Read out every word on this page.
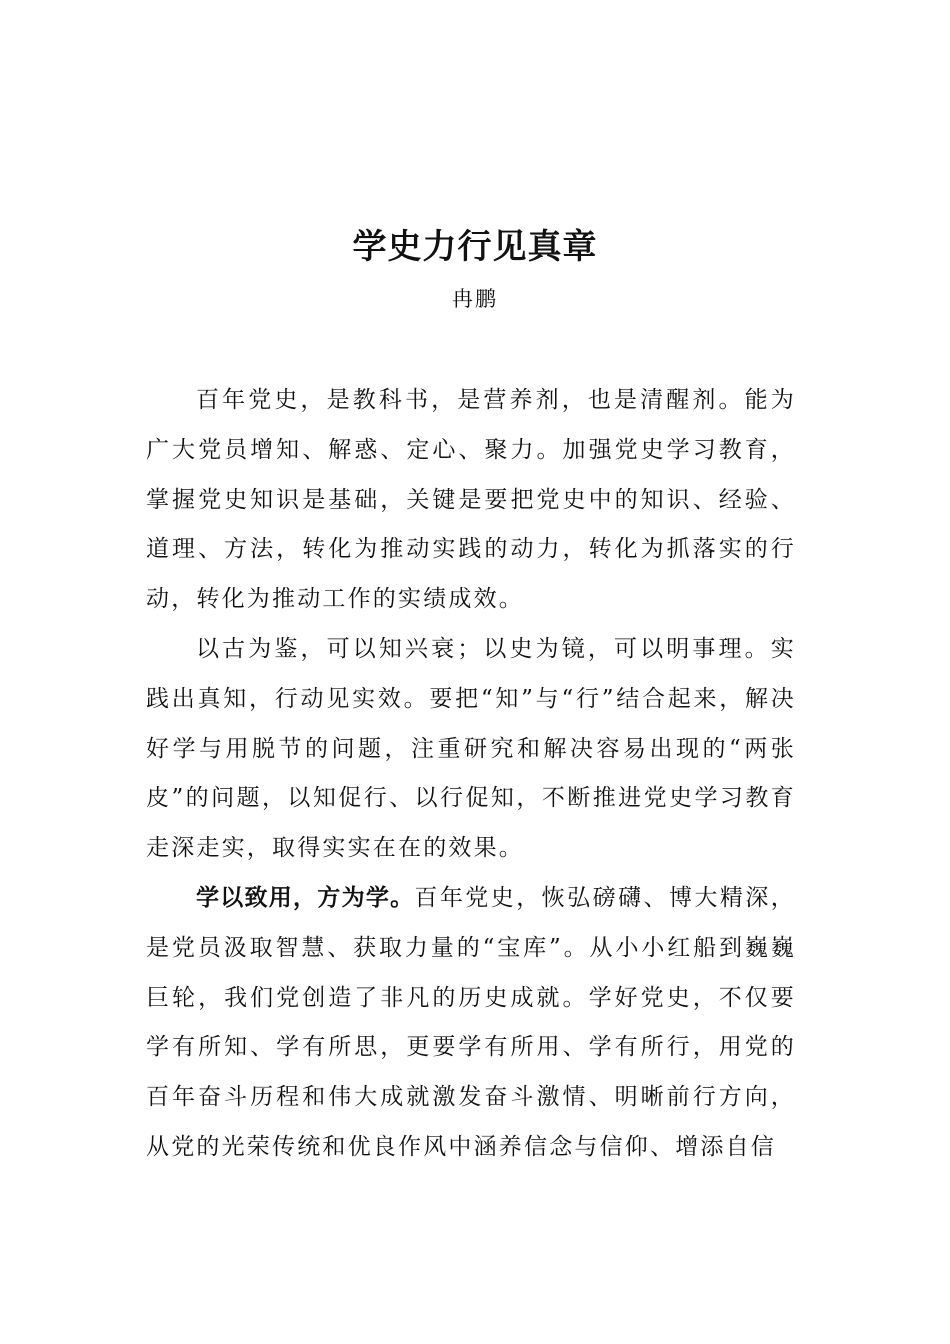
学史力行见真章

冉鹏

百年党史，是教科书，是营养剂，也是清醒剂。能为广大党员增知、解惑、定心、聚力。加强党史学习教育，掌握党史知识是基础，关键是要把党史中的知识、经验、道理、方法，转化为推动实践的动力，转化为抓落实的行动，转化为推动工作的实绩成效。

以古为鉴，可以知兴衰；以史为镜，可以明事理。实践出真知，行动见实效。要把“知”与“行”结合起来，解决好学与用脱节的问题，注重研究和解决容易出现的“两张皮”的问题，以知促行、以行促知，不断推进党史学习教育走深走实，取得实实在在的效果。

学以致用，方为学。百年党史，恢弘磅礴、博大精深，是党员汲取智慧、获取力量的“宝库”。从小小红船到巍巍巨轮，我们党创造了非凡的历史成就。学好党史，不仅要学有所知、学有所思，更要学有所用、学有所行，用党的百年奋斗历程和伟大成就激发奋斗激情、明晰前行方向，从党的光荣传统和优良作风中涵养信念与信仰、增添自信
